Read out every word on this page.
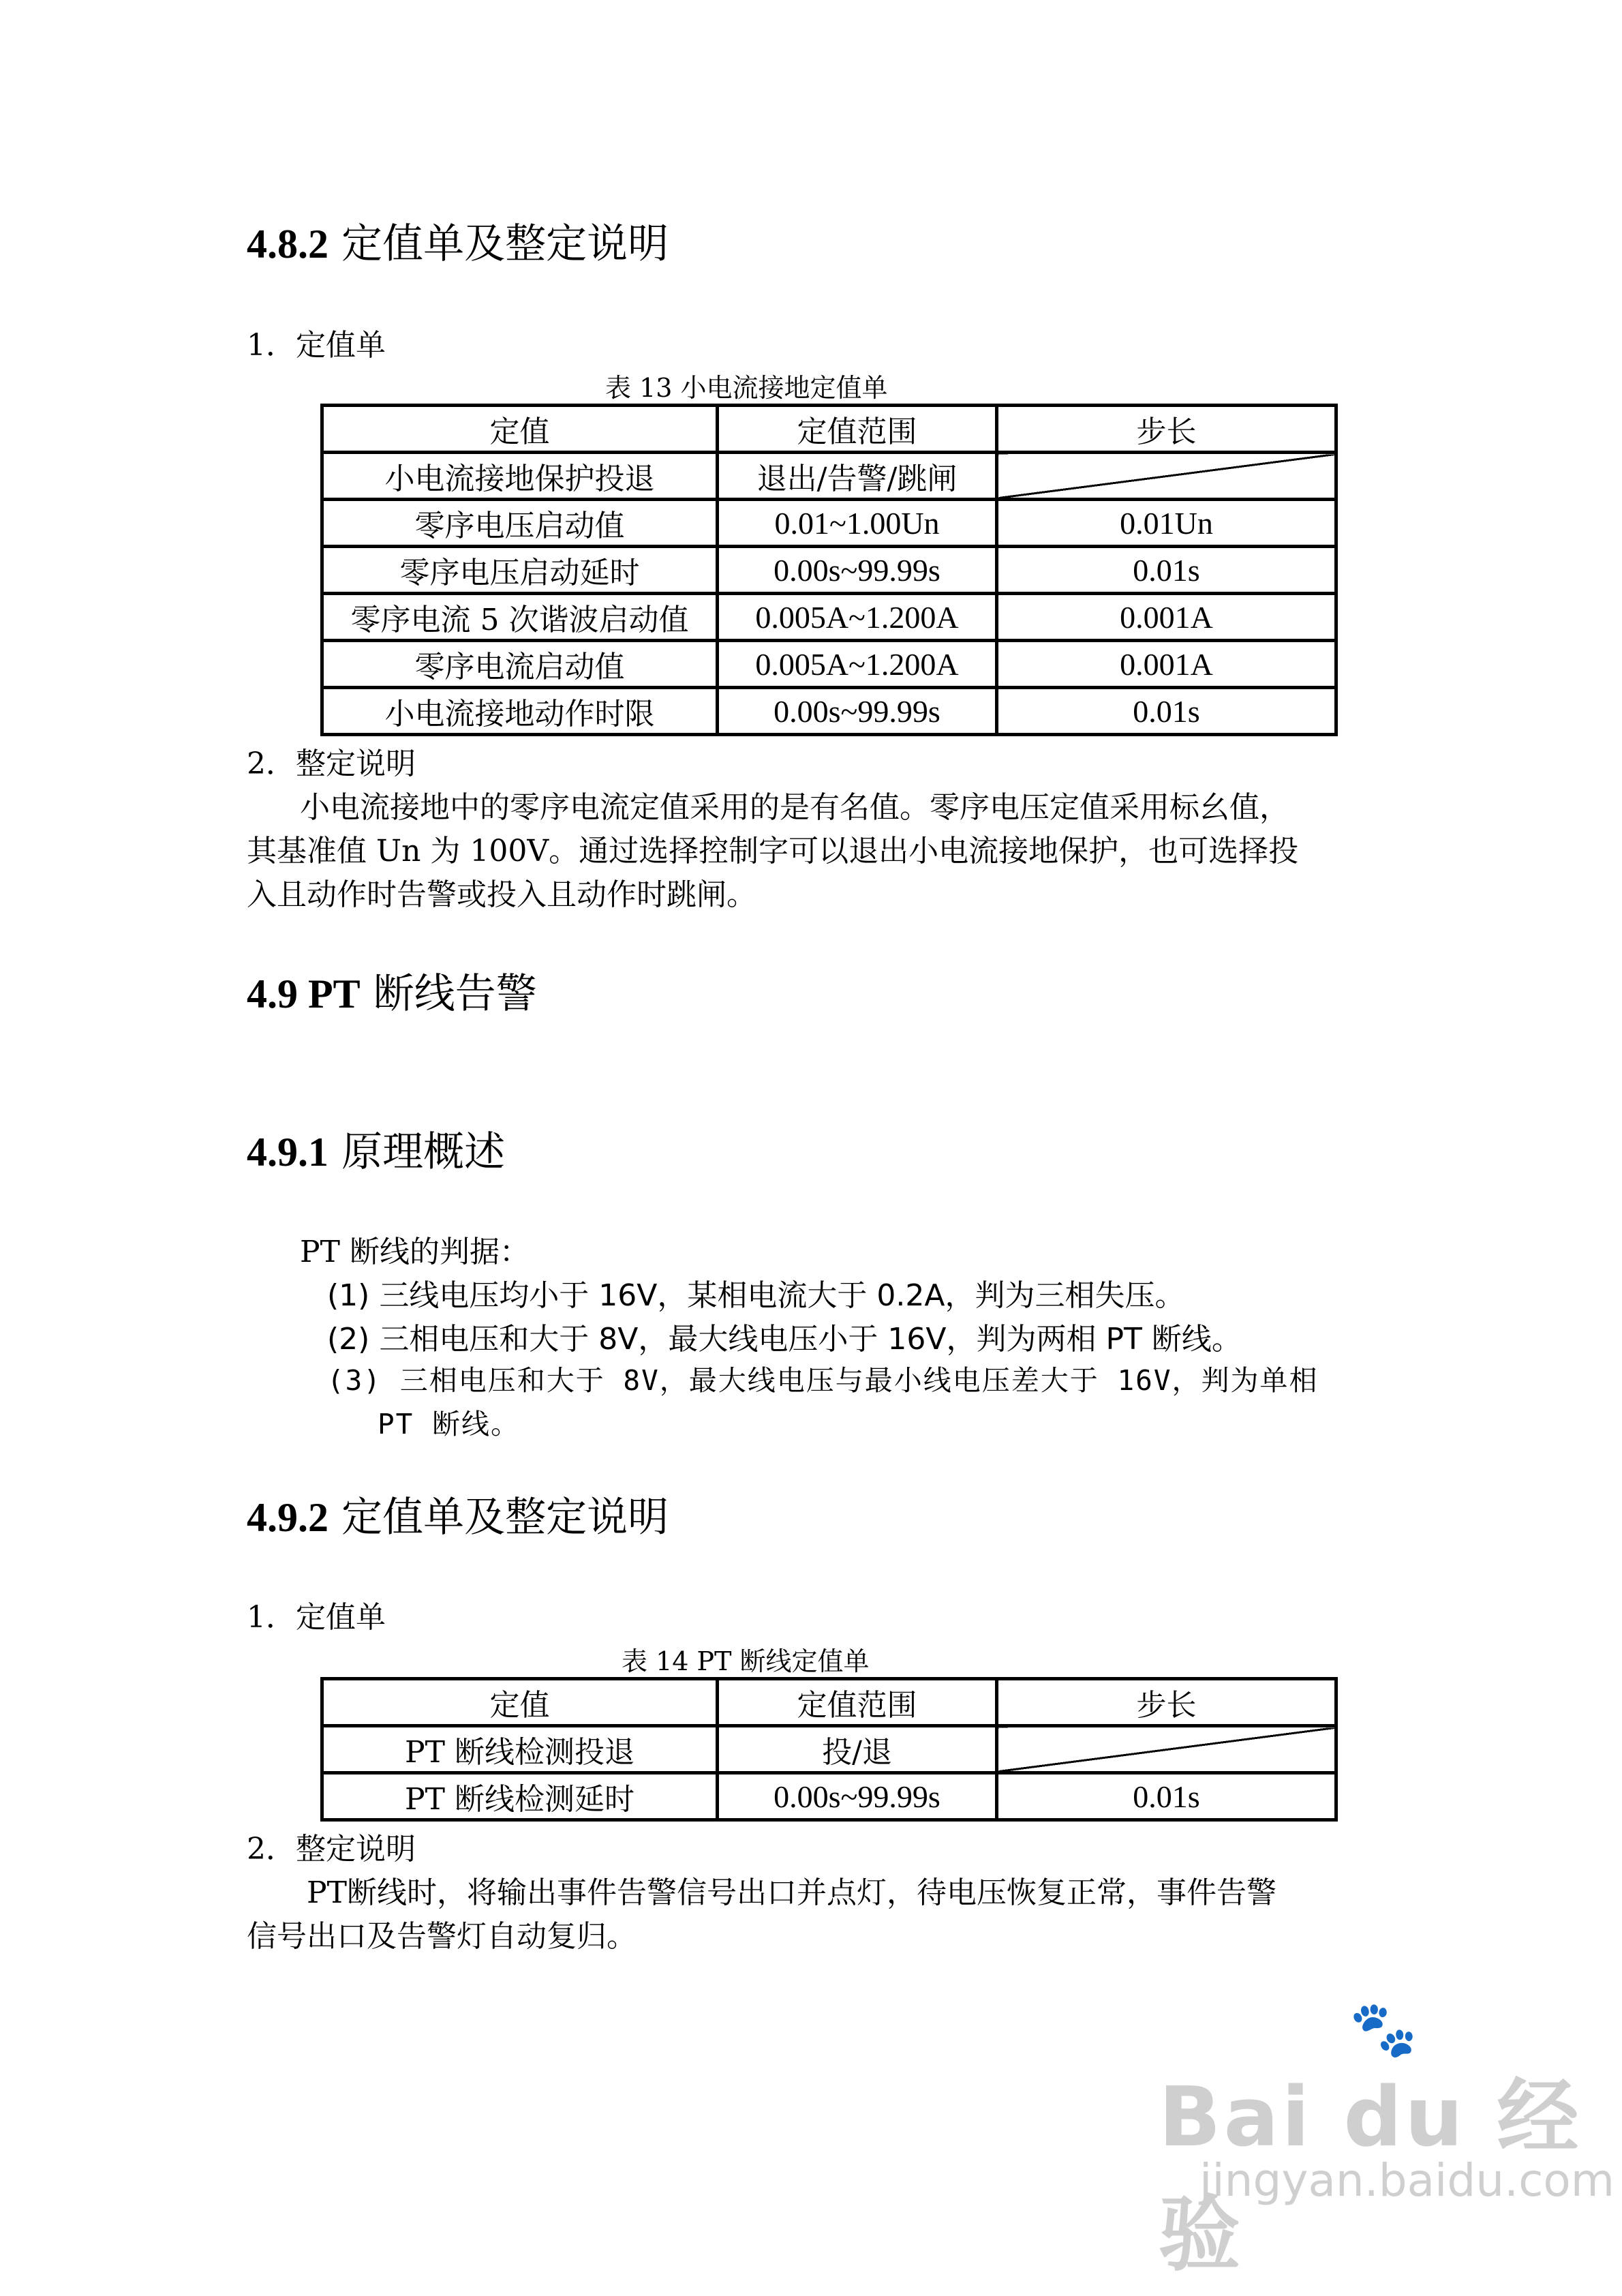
4.8.2 定值单及整定说明
1．定值单
表 13 小电流接地定值单
定值	定值范围	步长
小电流接地保护投退	退出/告警/跳闸	
零序电压启动值	0.01~1.00Un	0.01Un
零序电压启动延时	0.00s~99.99s	0.01s
零序电流 5 次谐波启动值	0.005A~1.200A	0.001A
零序电流启动值	0.005A~1.200A	0.001A
小电流接地动作时限	0.00s~99.99s	0.01s
2．整定说明
小电流接地中的零序电流定值采用的是有名值。零序电压定值采用标幺值，
其基准值 Un 为 100V。通过选择控制字可以退出小电流接地保护，也可选择投
入且动作时告警或投入且动作时跳闸。
4.9 PT 断线告警
4.9.1 原理概述
PT 断线的判据：
(1) 三线电压均小于 16V，某相电流大于 0.2A，判为三相失压。
(2) 三相电压和大于 8V，最大线电压小于 16V，判为两相 PT 断线。
(3) 三相电压和大于 8V，最大线电压与最小线电压差大于 16V，判为单相
PT 断线。
4.9.2 定值单及整定说明
1．定值单
表 14 PT 断线定值单
定值	定值范围	步长
PT 断线检测投退	投/退	
PT 断线检测延时	0.00s~99.99s	0.01s
2．整定说明
PT断线时，将输出事件告警信号出口并点灯，待电压恢复正常，事件告警
信号出口及告警灯自动复归。
Bai du 经验
🐾
jingyan.baidu.com
